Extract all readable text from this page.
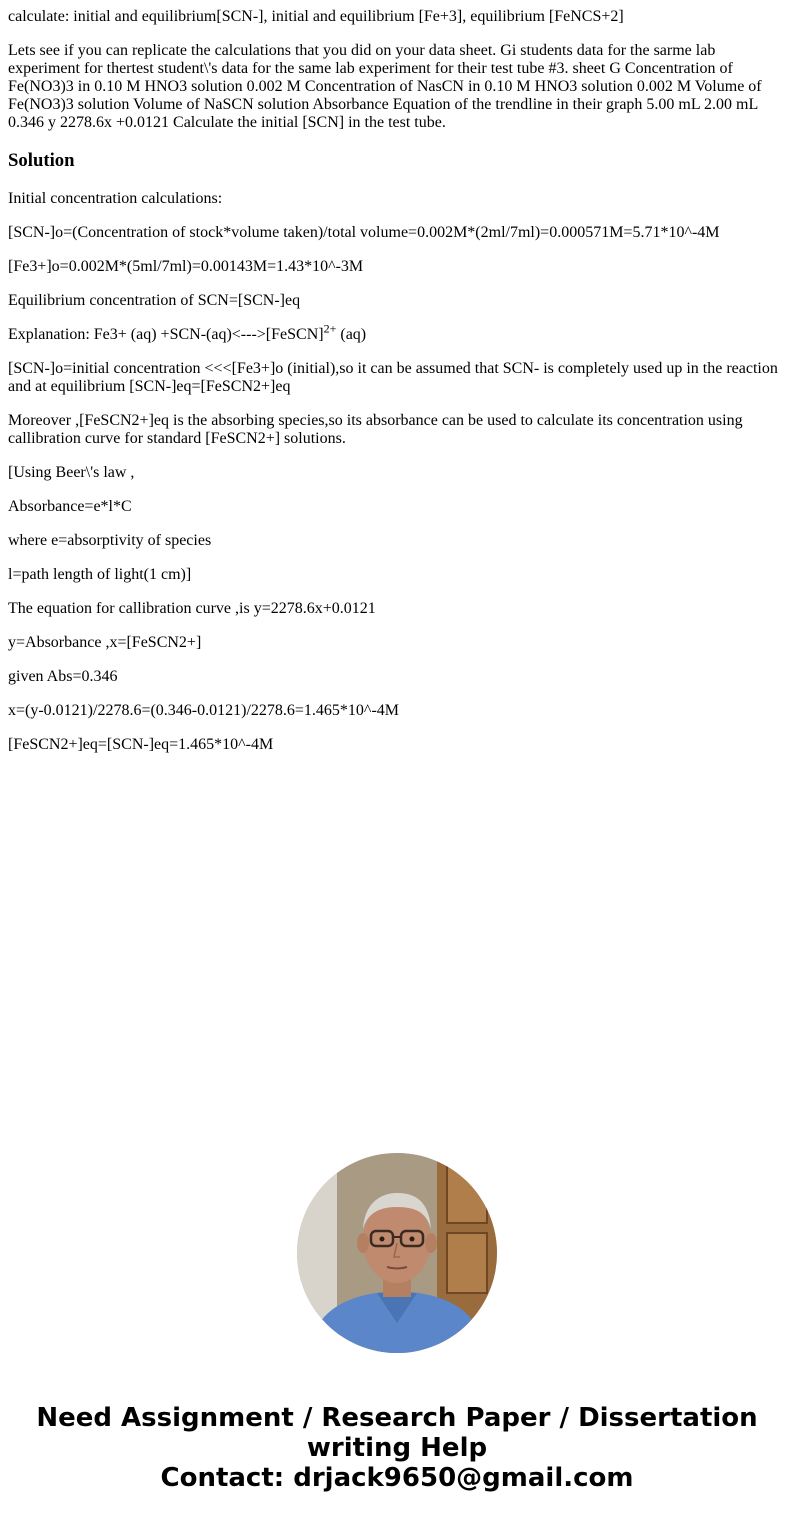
calculate: initial and equilibrium[SCN-], initial and equilibrium [Fe+3], equilibrium [FeNCS+2]

Lets see if you can replicate the calculations that you did on your data sheet. Gi students data for the sarme lab experiment for thertest student\'s data for the same lab experiment for their test tube #3. sheet G Concentration of Fe(NO3)3 in 0.10 M HNO3 solution 0.002 M Concentration of NasCN in 0.10 M HNO3 solution 0.002 M Volume of Fe(NO3)3 solution Volume of NaSCN solution Absorbance Equation of the trendline in their graph 5.00 mL 2.00 mL 0.346 y 2278.6x +0.0121 Calculate the initial [SCN] in the test tube.

Solution

Initial concentration calculations:

[SCN-]o=(Concentration of stock*volume taken)/total volume=0.002M*(2ml/7ml)=0.000571M=5.71*10^-4M

[Fe3+]o=0.002M*(5ml/7ml)=0.00143M=1.43*10^-3M

Equilibrium concentration of SCN=[SCN-]eq

Explanation: Fe3+ (aq) +SCN-(aq)<--->[FeSCN]$^{2+}$ (aq)

[SCN-]o=initial concentration <<<[Fe3+]o (initial),so it can be assumed that SCN- is completely used up in the reaction and at equilibrium [SCN-]eq=[FeSCN2+]eq

Moreover ,[FeSCN2+]eq is the absorbing species,so its absorbance can be used to calculate its concentration using callibration curve for standard [FeSCN2+] solutions.

[Using Beer\'s law ,

Absorbance=e*l*C

where e=absorptivity of species

l=path length of light(1 cm)]

The equation for callibration curve ,is y=2278.6x+0.0121

y=Absorbance ,x=[FeSCN2+]

given Abs=0.346

x=(y-0.0121)/2278.6=(0.346-0.0121)/2278.6=1.465*10^-4M

[FeSCN2+]eq=[SCN-]eq=1.465*10^-4M

Need Assignment / Research Paper / Dissertation
writing Help
Contact: drjack9650@gmail.com
